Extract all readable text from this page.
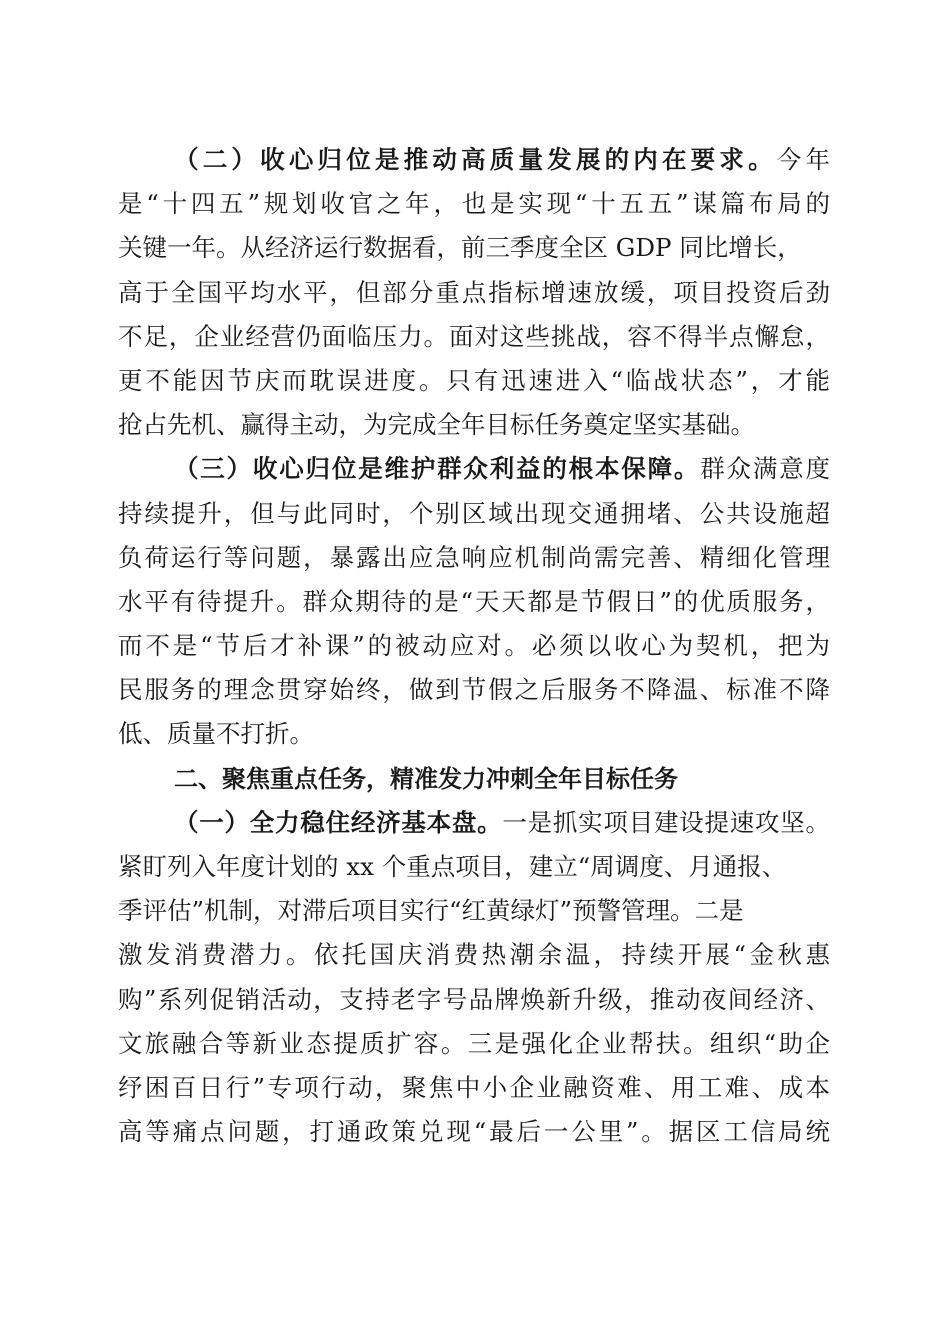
（二）收心归位是推动高质量发展的内在要求。今年
是“十四五”规划收官之年，也是实现“十五五”谋篇布局的
关键一年。从经济运行数据看，前三季度全区 GDP 同比增长，
高于全国平均水平，但部分重点指标增速放缓，项目投资后劲
不足，企业经营仍面临压力。面对这些挑战，容不得半点懈怠，
更不能因节庆而耽误进度。只有迅速进入“临战状态”，才能
抢占先机、赢得主动，为完成全年目标任务奠定坚实基础。
（三）收心归位是维护群众利益的根本保障。群众满意度
持续提升，但与此同时，个别区域出现交通拥堵、公共设施超
负荷运行等问题，暴露出应急响应机制尚需完善、精细化管理
水平有待提升。群众期待的是“天天都是节假日”的优质服务，
而不是“节后才补课”的被动应对。必须以收心为契机，把为
民服务的理念贯穿始终，做到节假之后服务不降温、标准不降
低、质量不打折。
二、聚焦重点任务，精准发力冲刺全年目标任务
（一）全力稳住经济基本盘。一是抓实项目建设提速攻坚。
紧盯列入年度计划的 xx 个重点项目，建立“周调度、月通报、
季评估”机制，对滞后项目实行“红黄绿灯”预警管理。二是
激发消费潜力。依托国庆消费热潮余温，持续开展“金秋惠
购”系列促销活动，支持老字号品牌焕新升级，推动夜间经济、
文旅融合等新业态提质扩容。三是强化企业帮扶。组织“助企
纾困百日行”专项行动，聚焦中小企业融资难、用工难、成本
高等痛点问题，打通政策兑现“最后一公里”。据区工信局统
